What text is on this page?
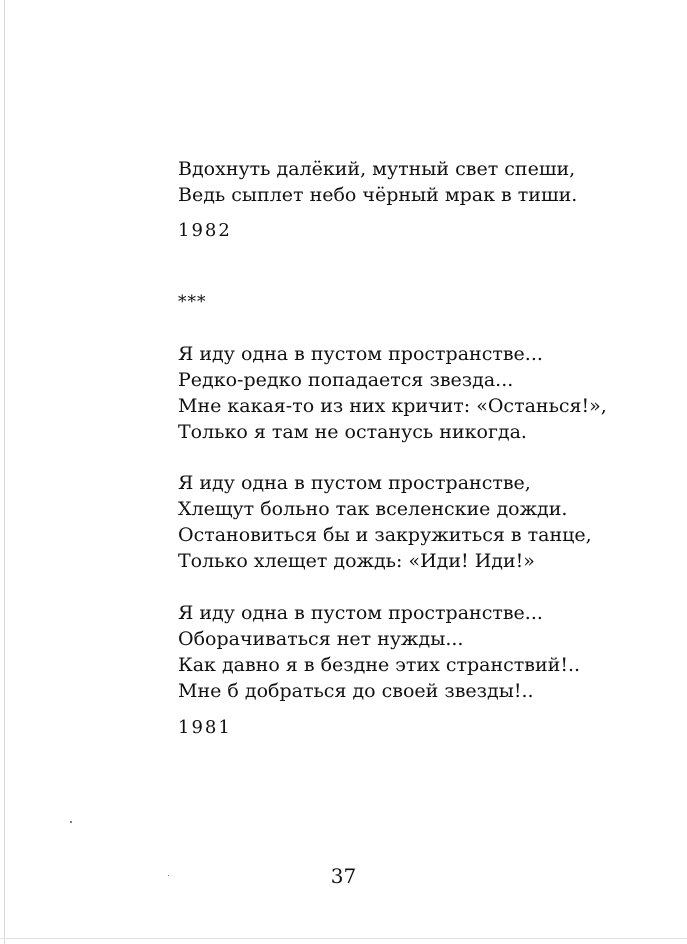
Вдохнуть далёкий, мутный свет спеши,
Ведь сыплет небо чёрный мрак в тиши.
1982
***
Я иду одна в пустом пространстве...
Редко-редко попадается звезда...
Мне какая-то из них кричит: «Останься!»,
Только я там не останусь никогда.
Я иду одна в пустом пространстве,
Хлещут больно так вселенские дожди.
Остановиться бы и закружиться в танце,
Только хлещет дождь: «Иди! Иди!»
Я иду одна в пустом пространстве...
Оборачиваться нет нужды...
Как давно я в бездне этих странствий!..
Мне б добраться до своей звезды!..
1981
37
